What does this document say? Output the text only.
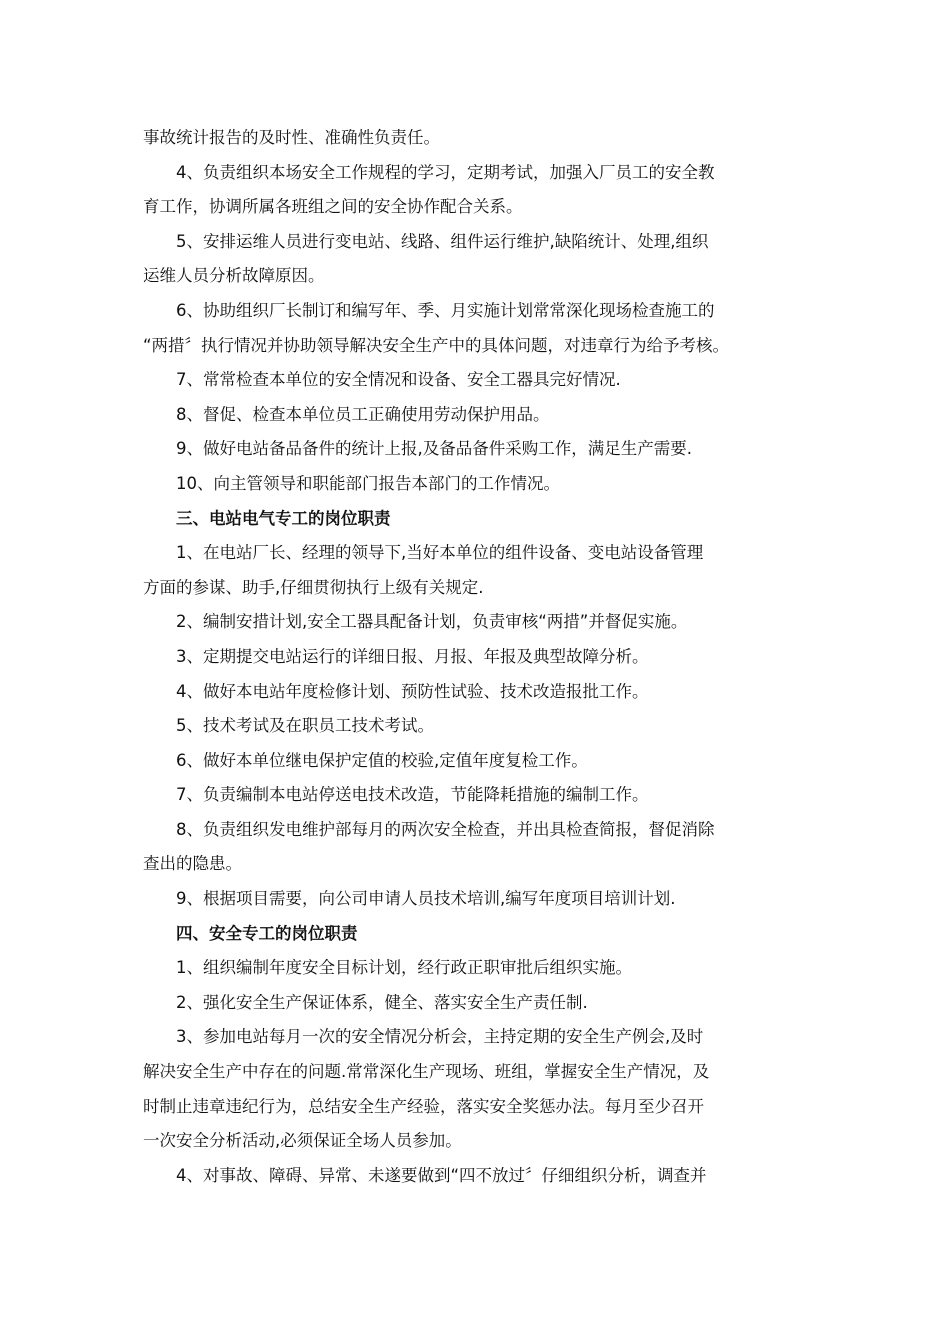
事故统计报告的及时性、准确性负责任。
4、负责组织本场安全工作规程的学习，定期考试，加强入厂员工的安全教
育工作，协调所属各班组之间的安全协作配合关系。
5、安排运维人员进行变电站、线路、组件运行维护,缺陷统计、处理,组织
运维人员分析故障原因。
6、协助组织厂长制订和编写年、季、月实施计划常常深化现场检查施工的
“两措〞执行情况并协助领导解决安全生产中的具体问题，对违章行为给予考核。
7、常常检查本单位的安全情况和设备、安全工器具完好情况.
8、督促、检查本单位员工正确使用劳动保护用品。
9、做好电站备品备件的统计上报,及备品备件采购工作，满足生产需要.
10、向主管领导和职能部门报告本部门的工作情况。
三、电站电气专工的岗位职责
1、在电站厂长、经理的领导下,当好本单位的组件设备、变电站设备管理
方面的参谋、助手,仔细贯彻执行上级有关规定.
2、编制安措计划,安全工器具配备计划，负责审核“两措”并督促实施。
3、定期提交电站运行的详细日报、月报、年报及典型故障分析。
4、做好本电站年度检修计划、预防性试验、技术改造报批工作。
5、技术考试及在职员工技术考试。
6、做好本单位继电保护定值的校验,定值年度复检工作。
7、负责编制本电站停送电技术改造，节能降耗措施的编制工作。
8、负责组织发电维护部每月的两次安全检查，并出具检查简报，督促消除
查出的隐患。
9、根据项目需要，向公司申请人员技术培训,编写年度项目培训计划.
四、安全专工的岗位职责
1、组织编制年度安全目标计划，经行政正职审批后组织实施。
2、强化安全生产保证体系，健全、落实安全生产责任制.
3、参加电站每月一次的安全情况分析会，主持定期的安全生产例会,及时
解决安全生产中存在的问题.常常深化生产现场、班组，掌握安全生产情况，及
时制止违章违纪行为，总结安全生产经验，落实安全奖惩办法。每月至少召开
一次安全分析活动,必须保证全场人员参加。
4、对事故、障碍、异常、未遂要做到“四不放过〞仔细组织分析，调查并
